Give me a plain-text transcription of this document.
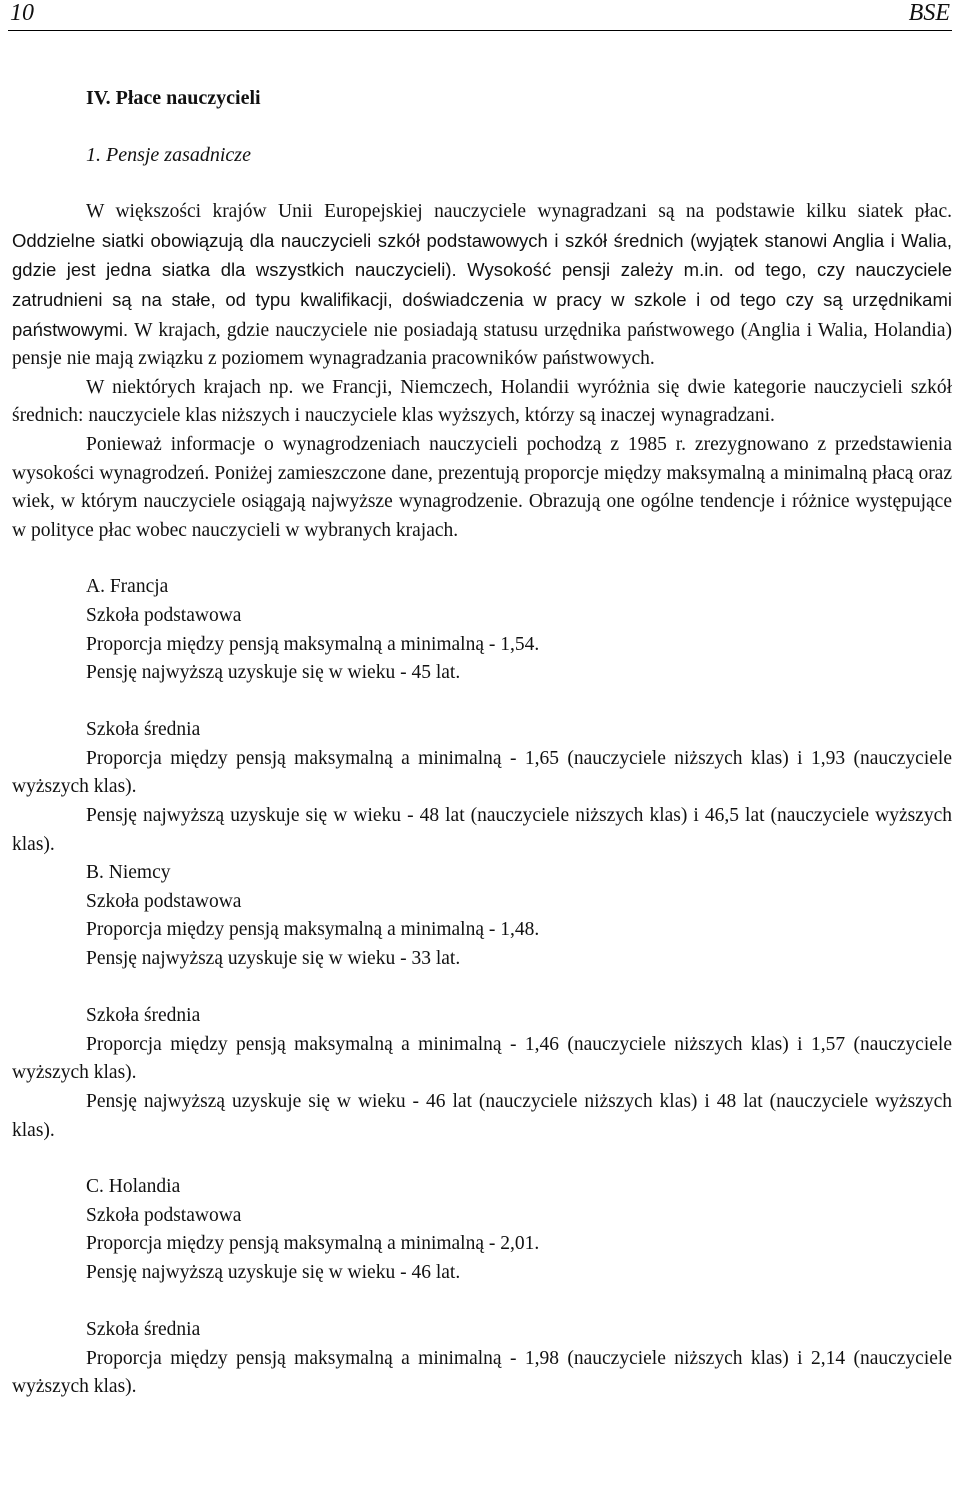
10	BSE
IV. Płace nauczycieli
1. Pensje zasadnicze

W większości krajów Unii Europejskiej nauczyciele wynagradzani są na podstawie kilku siatek płac. Oddzielne siatki obowiązują dla nauczycieli szkół podstawowych i szkół średnich (wyjątek stanowi Anglia i Walia, gdzie jest jedna siatka dla wszystkich nauczycieli). Wysokość pensji zależy m.in. od tego, czy nauczyciele zatrudnieni są na stałe, od typu kwalifikacji, doświadczenia w pracy w szkole i od tego czy są urzędnikami państwowymi. W krajach, gdzie nauczyciele nie posiadają statusu urzędnika państwowego (Anglia i Walia, Holandia) pensje nie mają związku z poziomem wynagradzania pracowników państwowych.

W niektórych krajach np. we Francji, Niemczech, Holandii wyróżnia się dwie kategorie nauczycieli szkół średnich: nauczyciele klas niższych i nauczyciele klas wyższych, którzy są inaczej wynagradzani.

Ponieważ informacje o wynagrodzeniach nauczycieli pochodzą z 1985 r. zrezygnowano z przedstawienia wysokości wynagrodzeń. Poniżej zamieszczone dane, prezentują proporcje między maksymalną a minimalną płacą oraz wiek, w którym nauczyciele osiągają najwyższe wynagrodzenie. Obrazują one ogólne tendencje i różnice występujące w polityce płac wobec nauczycieli w wybranych krajach.

A. Francja
Szkoła podstawowa

Proporcja między pensją maksymalną a minimalną - 1,54.

Pensję najwyższą uzyskuje się w wieku - 45 lat.

Szkoła średnia

Proporcja między pensją maksymalną a minimalną - 1,65 (nauczyciele niższych klas) i 1,93 (nauczyciele wyższych klas).

Pensję najwyższą uzyskuje się w wieku - 48 lat (nauczyciele niższych klas) i 46,5 lat (nauczyciele wyższych klas).

B. Niemcy
Szkoła podstawowa

Proporcja między pensją maksymalną a minimalną - 1,48.

Pensję najwyższą uzyskuje się w wieku - 33 lat.

Szkoła średnia

Proporcja między pensją maksymalną a minimalną - 1,46 (nauczyciele niższych klas) i 1,57 (nauczyciele wyższych klas).

Pensję najwyższą uzyskuje się w wieku - 46 lat (nauczyciele niższych klas) i 48 lat (nauczyciele wyższych klas).

C. Holandia
Szkoła podstawowa

Proporcja między pensją maksymalną a minimalną - 2,01.

Pensję najwyższą uzyskuje się w wieku - 46 lat.

Szkoła średnia

Proporcja między pensją maksymalną a minimalną - 1,98 (nauczyciele niższych klas) i 2,14 (nauczyciele wyższych klas).
